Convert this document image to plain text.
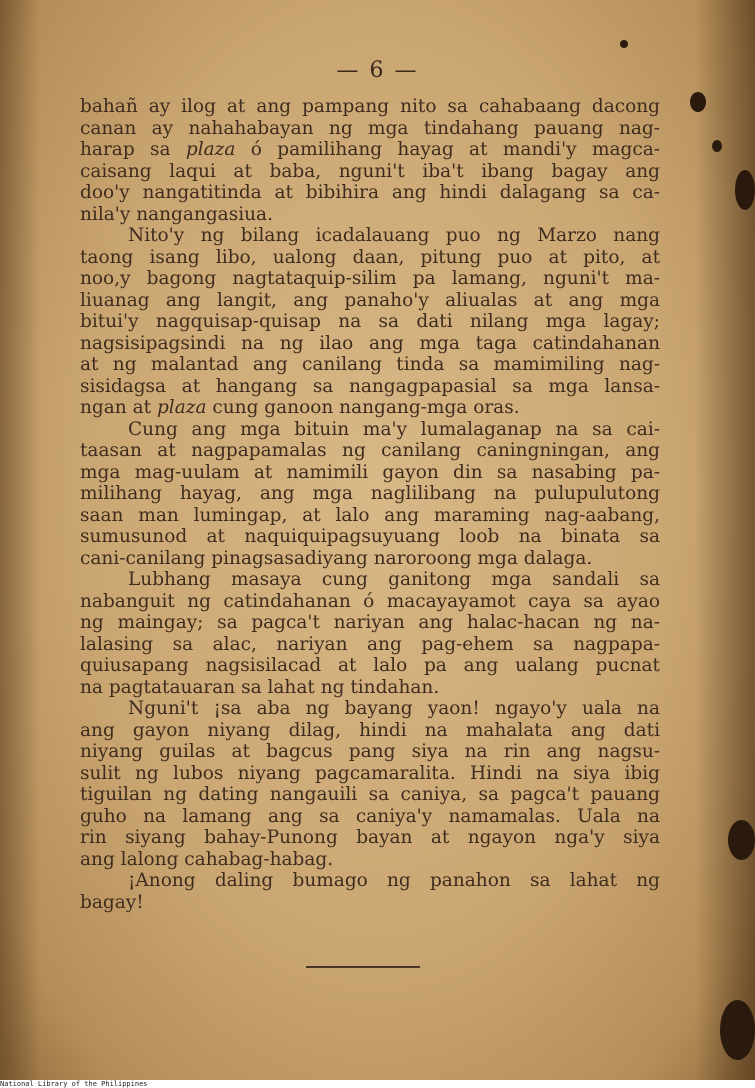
— 6 —

bahañ ay ilog at ang pampang nito sa cahabaang dacong
canan ay nahahabayan ng mga tindahang pauang nag-
harap sa plaza ó pamilihang hayag at mandi'y magca-
caisang laqui at baba, nguni't iba't ibang bagay ang
doo'y nangatitinda at bibihira ang hindi dalagang sa ca-
nila'y nangangasiua.

Nito'y ng bilang icadalauang puo ng Marzo nang
taong isang libo, ualong daan, pitung puo at pito, at
noo,y bagong nagtataquip-silim pa lamang, nguni't ma-
liuanag ang langit, ang panaho'y aliualas at ang mga
bitui'y nagquisap-quisap na sa dati nilang mga lagay;
nagsisipagsindi na ng ilao ang mga taga catindahanan
at ng malantad ang canilang tinda sa mamimiling nag-
sisidagsa at hangang sa nangagpapasial sa mga lansa-
ngan at plaza cung ganoon nangang-mga oras.

Cung ang mga bituin ma'y lumalaganap na sa cai-
taasan at nagpapamalas ng canilang caningningan, ang
mga mag-uulam at namimili gayon din sa nasabing pa-
milihang hayag, ang mga naglilibang na pulupulutong
saan man lumingap, at lalo ang maraming nag-aabang,
sumusunod at naquiquipagsuyuang loob na binata sa
cani-canilang pinagsasadiyang naroroong mga dalaga.

Lubhang masaya cung ganitong mga sandali sa
nabanguit ng catindahanan ó macayayamot caya sa ayao
ng maingay; sa pagca't nariyan ang halac-hacan ng na-
lalasing sa alac, nariyan ang pag-ehem sa nagpapa-
quiusapang nagsisilacad at lalo pa ang ualang pucnat
na pagtatauaran sa lahat ng tindahan.

Nguni't ¡sa aba ng bayang yaon! ngayo'y uala na
ang gayon niyang dilag, hindi na mahalata ang dati
niyang guilas at bagcus pang siya na rin ang nagsu-
sulit ng lubos niyang pagcamaralita. Hindi na siya ibig
tiguilan ng dating nangauili sa caniya, sa pagca't pauang
guho na lamang ang sa caniya'y namamalas. Uala na
rin siyang bahay-Punong bayan at ngayon nga'y siya
ang lalong cahabag-habag.

¡Anong daling bumago ng panahon sa lahat ng
bagay!

National Library of the Philippines
